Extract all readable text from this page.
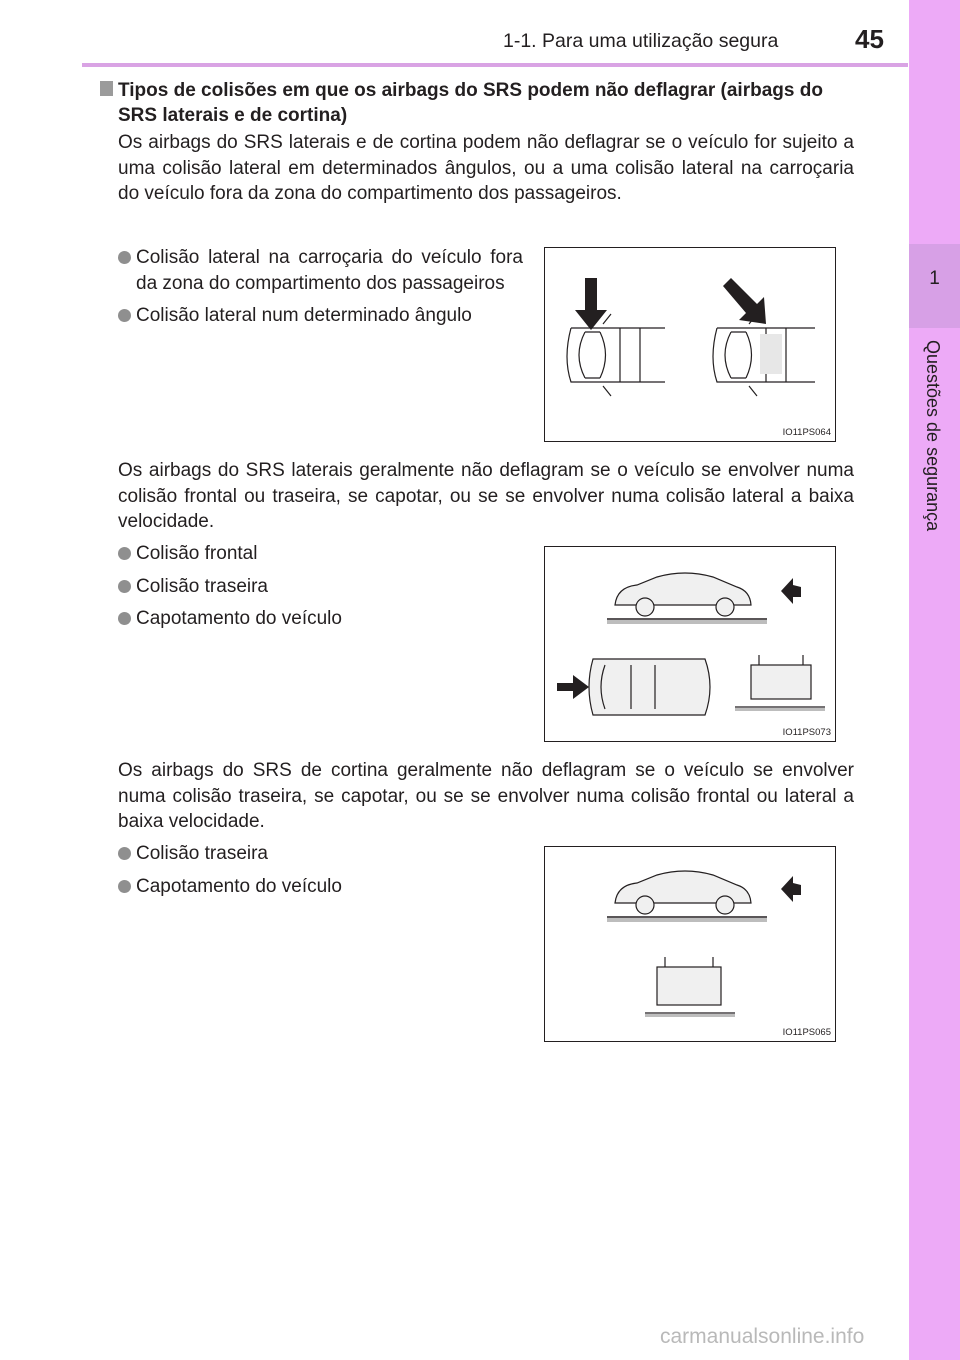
1-1. Para uma utilização segura	45
1
Questões de segurança
Tipos de colisões em que os airbags do SRS podem não deflagrar (airbags do SRS laterais e de cortina)
Os airbags do SRS laterais e de cortina podem não deflagrar se o veículo for sujeito a uma colisão lateral em determinados ângulos, ou a uma colisão lateral na carroçaria do veículo fora da zona do compartimento dos passageiros.
Colisão lateral na carroçaria do veículo fora da zona do compartimento dos passageiros
Colisão lateral num determinado ângulo
IO11PS064
Os airbags do SRS laterais geralmente não deflagram se o veículo se envolver numa colisão frontal ou traseira, se capotar, ou se se envolver numa colisão lateral a baixa velocidade.
Colisão frontal
Colisão traseira
Capotamento do veículo
IO11PS073
Os airbags do SRS de cortina geralmente não deflagram se o veículo se envolver numa colisão traseira, se capotar, ou se se envolver numa colisão frontal ou lateral a baixa velocidade.
Colisão traseira
Capotamento do veículo
IO11PS065
carmanualsonline.info
